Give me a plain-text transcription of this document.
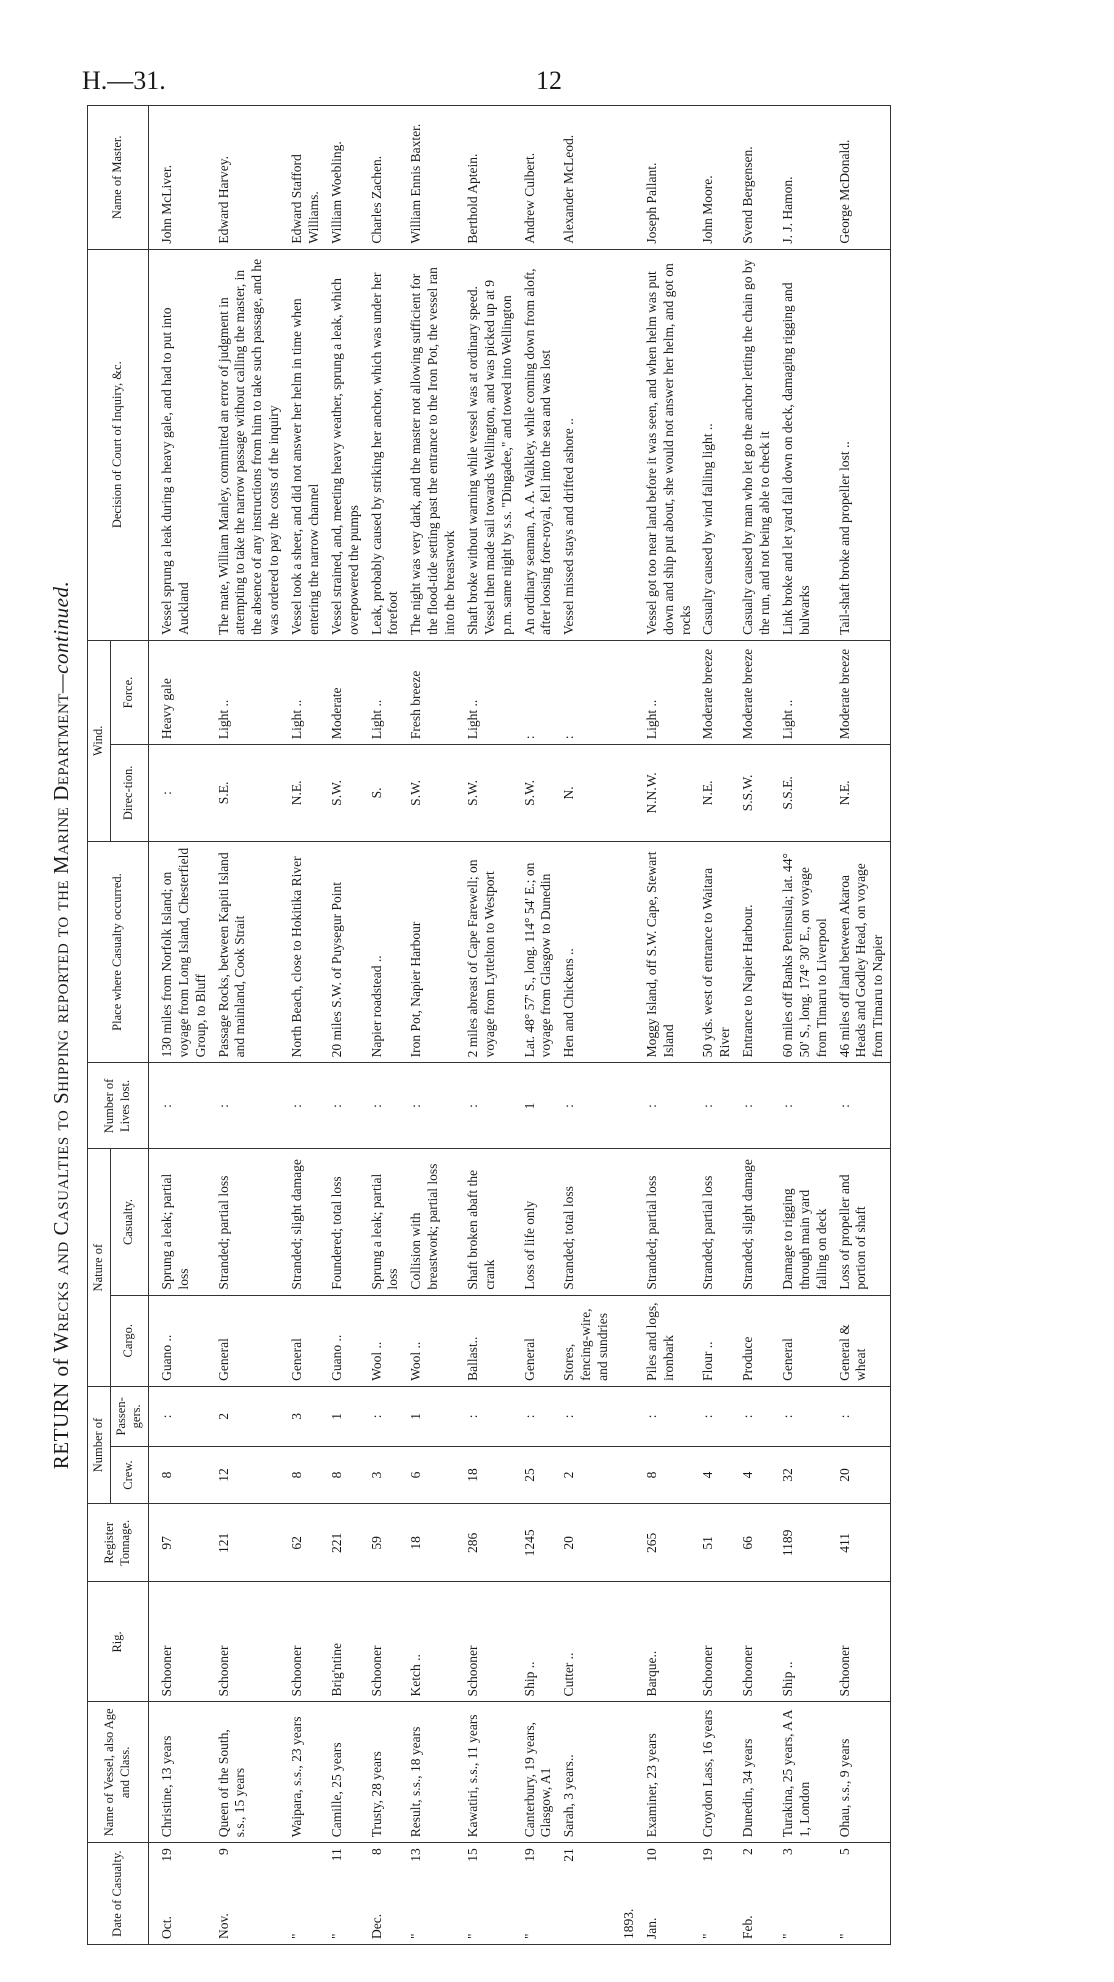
H.—31.	12
RETURN of Wrecks and Casualties to Shipping reported to the Marine Department—continued.
Date of Casualty.	Name of Vessel, also Age and Class.	Rig.	Register Tonnage.	Number of		Nature of		Number of Lives lost.	Place where Casualty occurred.	Wind.		Decision of Court of Inquiry, &c.	Name of Master.
				Crew.	Passen-gers.	Cargo.	Casualty.			Direc-tion.	Force.		
Oct.
19	Christine, 13 years	Schooner	97	8	:	Guano ..	Sprung a leak; partial loss	:	130 miles from Norfolk Island; on voyage from Long Island, Chesterfield Group, to Bluff	:	Heavy gale	Vessel sprung a leak during a heavy gale, and had to put into Auckland	John McLiver.
Nov.
9	Queen of the South, s.s., 15 years	Schooner	121	12	2	General	Stranded; partial loss	:	Passage Rocks, between Kapiti Island and mainland, Cook Strait	S.E.	Light ..	The mate, William Manley, committed an error of judgment in attempting to take the narrow passage without calling the master, in the absence of any instructions from him to take such passage, and he was ordered to pay the costs of the inquiry	Edward Harvey.
"	Waipara, s.s., 23 years	Schooner	62	8	3	General	Stranded; slight damage	:	North Beach, close to Hokitika River	N.E.	Light ..	Vessel took a sheer, and did not answer her helm in time when entering the narrow channel	Edward Stafford Williams.
"
11	Camille, 25 years	Brig'ntine	221	8	1	Guano ..	Foundered; total loss	:	20 miles S.W. of Puysegur Point	S.W.	Moderate	Vessel strained, and, meeting heavy weather, sprung a leak, which overpowered the pumps	William Woebling.
Dec.
8	Trusty, 28 years	Schooner	59	3	:	Wool ..	Sprung a leak; partial loss	:	Napier roadstead ..	S.	Light ..	Leak, probably caused by striking her anchor, which was under her forefoot	Charles Zachen.
"
13	Result, s.s., 18 years	Ketch ..	18	6	1	Wool ..	Collision with breastwork; partial loss	:	Iron Pot, Napier Harbour	S.W.	Fresh breeze	The night was very dark, and the master not allowing sufficient for the flood-tide setting past the entrance to the Iron Pot, the vessel ran into the breastwork	William Ennis Baxter.
"
15	Kawatiri, s.s., 11 years	Schooner	286	18	:	Ballast..	Shaft broken abaft the crank	:	2 miles abreast of Cape Farewell; on voyage from Lyttelton to Westport	S.W.	Light ..	Shaft broke without warning while vessel was at ordinary speed. Vessel then made sail towards Wellington, and was picked up at 9 p.m. same night by s.s. "Dingadee," and towed into Wellington	Berthold Aptein.
"
19	Canterbury, 19 years, Glasgow, A1	Ship ..	1245	25	:	General	Loss of life only	1	Lat. 48° 57' S., long. 114° 54' E.; on voyage from Glasgow to Dunedin	S.W.	:	An ordinary seaman, A. A. Walkley, while coming down from aloft, after loosing fore-royal, fell into the sea and was lost	Andrew Culbert.

21	Sarah, 3 years..	Cutter ..	20	2	:	Stores, fencing-wire, and sundries	Stranded; total loss	:	Hen and Chickens ..	N.	:	Vessel missed stays and drifted ashore ..	Alexander McLeod.
1893.													
Jan.
10	Examiner, 23 years	Barque..	265	8	:	Piles and logs, ironbark	Stranded; partial loss	:	Moggy Island, off S.W. Cape, Stewart Island	N.N.W.	Light ..	Vessel got too near land before it was seen, and when helm was put down and ship put about, she would not answer her helm, and got on rocks	Joseph Pallant.
"
19	Croydon Lass, 16 years	Schooner	51	4	:	Flour ..	Stranded; partial loss	:	50 yds. west of entrance to Waitara River	N.E.	Moderate breeze	Casualty caused by wind falling light ..	John Moore.
Feb.
2	Dunedin, 34 years	Schooner	66	4	:	Produce	Stranded; slight damage	:	Entrance to Napier Harbour.	S.S.W.	Moderate breeze	Casualty caused by man who let go the anchor letting the chain go by the run, and not being able to check it	Svend Bergensen.
"
3	Turakina, 25 years, A A 1, London	Ship ..	1189	32	:	General	Damage to rigging through main yard falling on deck	:	60 miles off Banks Peninsula; lat. 44° 50' S., long. 174° 30' E., on voyage from Timaru to Liverpool	S.S.E.	Light ..	Link broke and let yard fall down on deck, damaging rigging and bulwarks	J. J. Hamon.
"
5	Ohau, s.s., 9 years	Schooner	411	20	:	General & wheat	Loss of propeller and portion of shaft	:	46 miles off land between Akaroa Heads and Godley Head, on voyage from Timaru to Napier	N.E.	Moderate breeze	Tail-shaft broke and propeller lost ..	George McDonald.
